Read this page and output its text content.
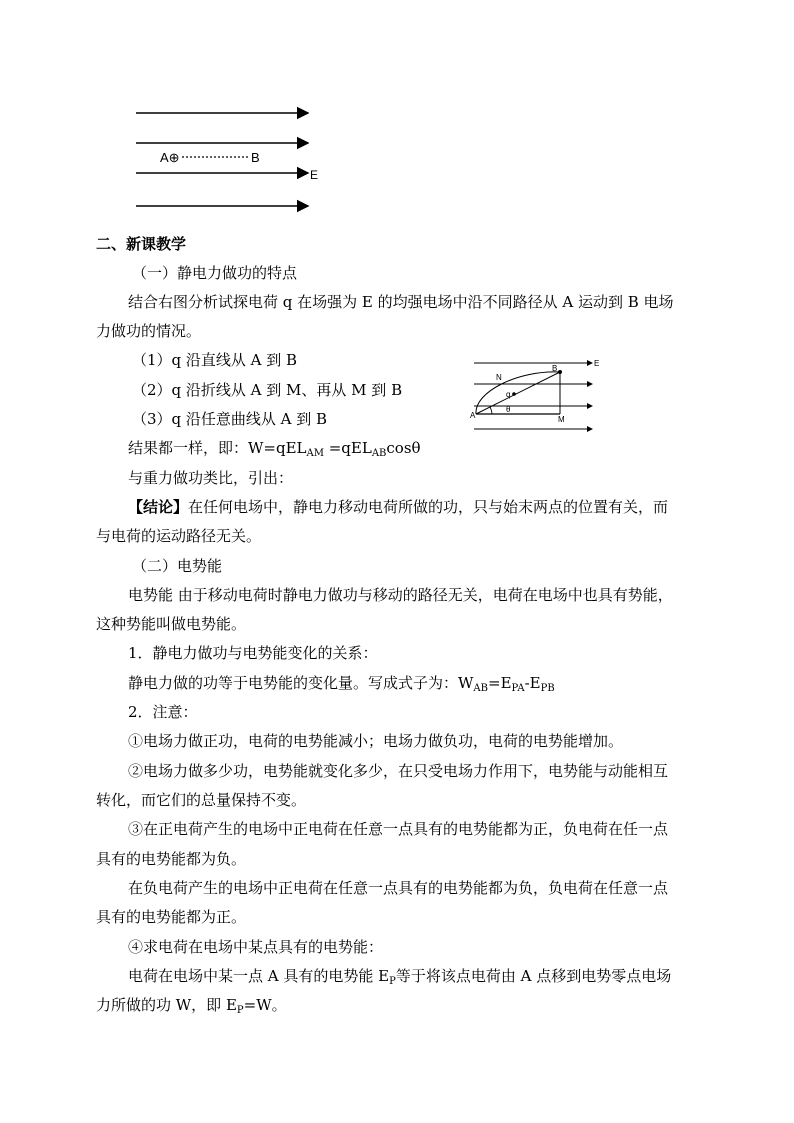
A⊕	B
E
E
N
B
q
θ
A	M
二、新课教学
（一）静电力做功的特点
结合右图分析试探电荷 q 在场强为 E 的均强电场中沿不同路径从 A 运动到 B 电场
力做功的情况。
（1）q 沿直线从 A 到 B
（2）q 沿折线从 A 到 M、再从 M 到 B
（3）q 沿任意曲线从 A 到 B
结果都一样，即：W=qEL$_{AM}$ =qEL$_{AB}$cosθ
与重力做功类比，引出：
【结论】在任何电场中，静电力移动电荷所做的功，只与始末两点的位置有关，而
与电荷的运动路径无关。
（二）电势能
电势能 由于移动电荷时静电力做功与移动的路径无关，电荷在电场中也具有势能，
这种势能叫做电势能。
1．静电力做功与电势能变化的关系：
静电力做的功等于电势能的变化量。写成式子为：$W_{AB}=E_{PA}-E_{PB}$
2．注意：
①电场力做正功，电荷的电势能减小；电场力做负功，电荷的电势能增加。
②电场力做多少功，电势能就变化多少，在只受电场力作用下，电势能与动能相互
转化，而它们的总量保持不变。
③在正电荷产生的电场中正电荷在任意一点具有的电势能都为正，负电荷在任一点
具有的电势能都为负。
在负电荷产生的电场中正电荷在任意一点具有的电势能都为负，负电荷在任意一点
具有的电势能都为正。
④求电荷在电场中某点具有的电势能：
电荷在电场中某一点 A 具有的电势能 $E_P$等于将该点电荷由 A 点移到电势零点电场
力所做的功 W，即 $E_P=W$。
